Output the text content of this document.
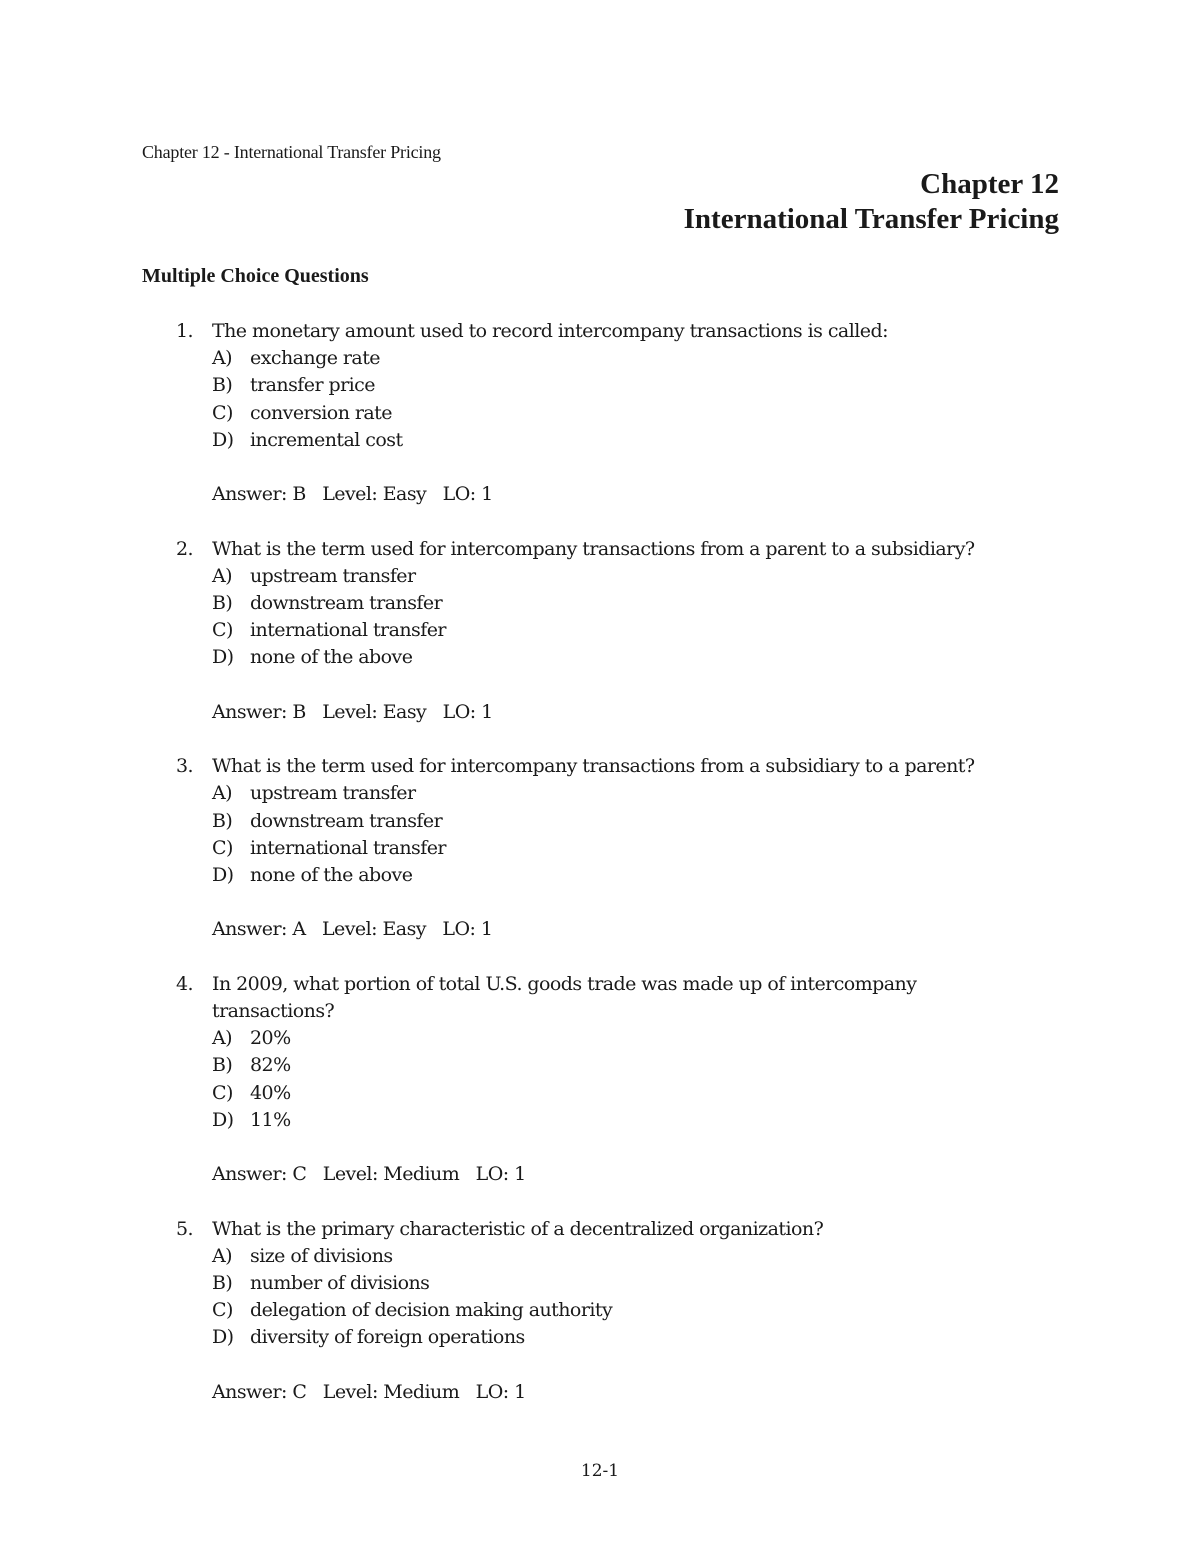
Chapter 12 - International Transfer Pricing
Chapter 12
International Transfer Pricing
Multiple Choice Questions
1. The monetary amount used to record intercompany transactions is called:
A) exchange rate
B) transfer price
C) conversion rate
D) incremental cost
Answer: B   Level: Easy   LO: 1
2. What is the term used for intercompany transactions from a parent to a subsidiary?
A) upstream transfer
B) downstream transfer
C) international transfer
D) none of the above
Answer: B   Level: Easy   LO: 1
3. What is the term used for intercompany transactions from a subsidiary to a parent?
A) upstream transfer
B) downstream transfer
C) international transfer
D) none of the above
Answer: A   Level: Easy   LO: 1
4. In 2009, what portion of total U.S. goods trade was made up of intercompany transactions?
A) 20%
B) 82%
C) 40%
D) 11%
Answer: C   Level: Medium   LO: 1
5. What is the primary characteristic of a decentralized organization?
A) size of divisions
B) number of divisions
C) delegation of decision making authority
D) diversity of foreign operations
Answer: C   Level: Medium   LO: 1
12-1
